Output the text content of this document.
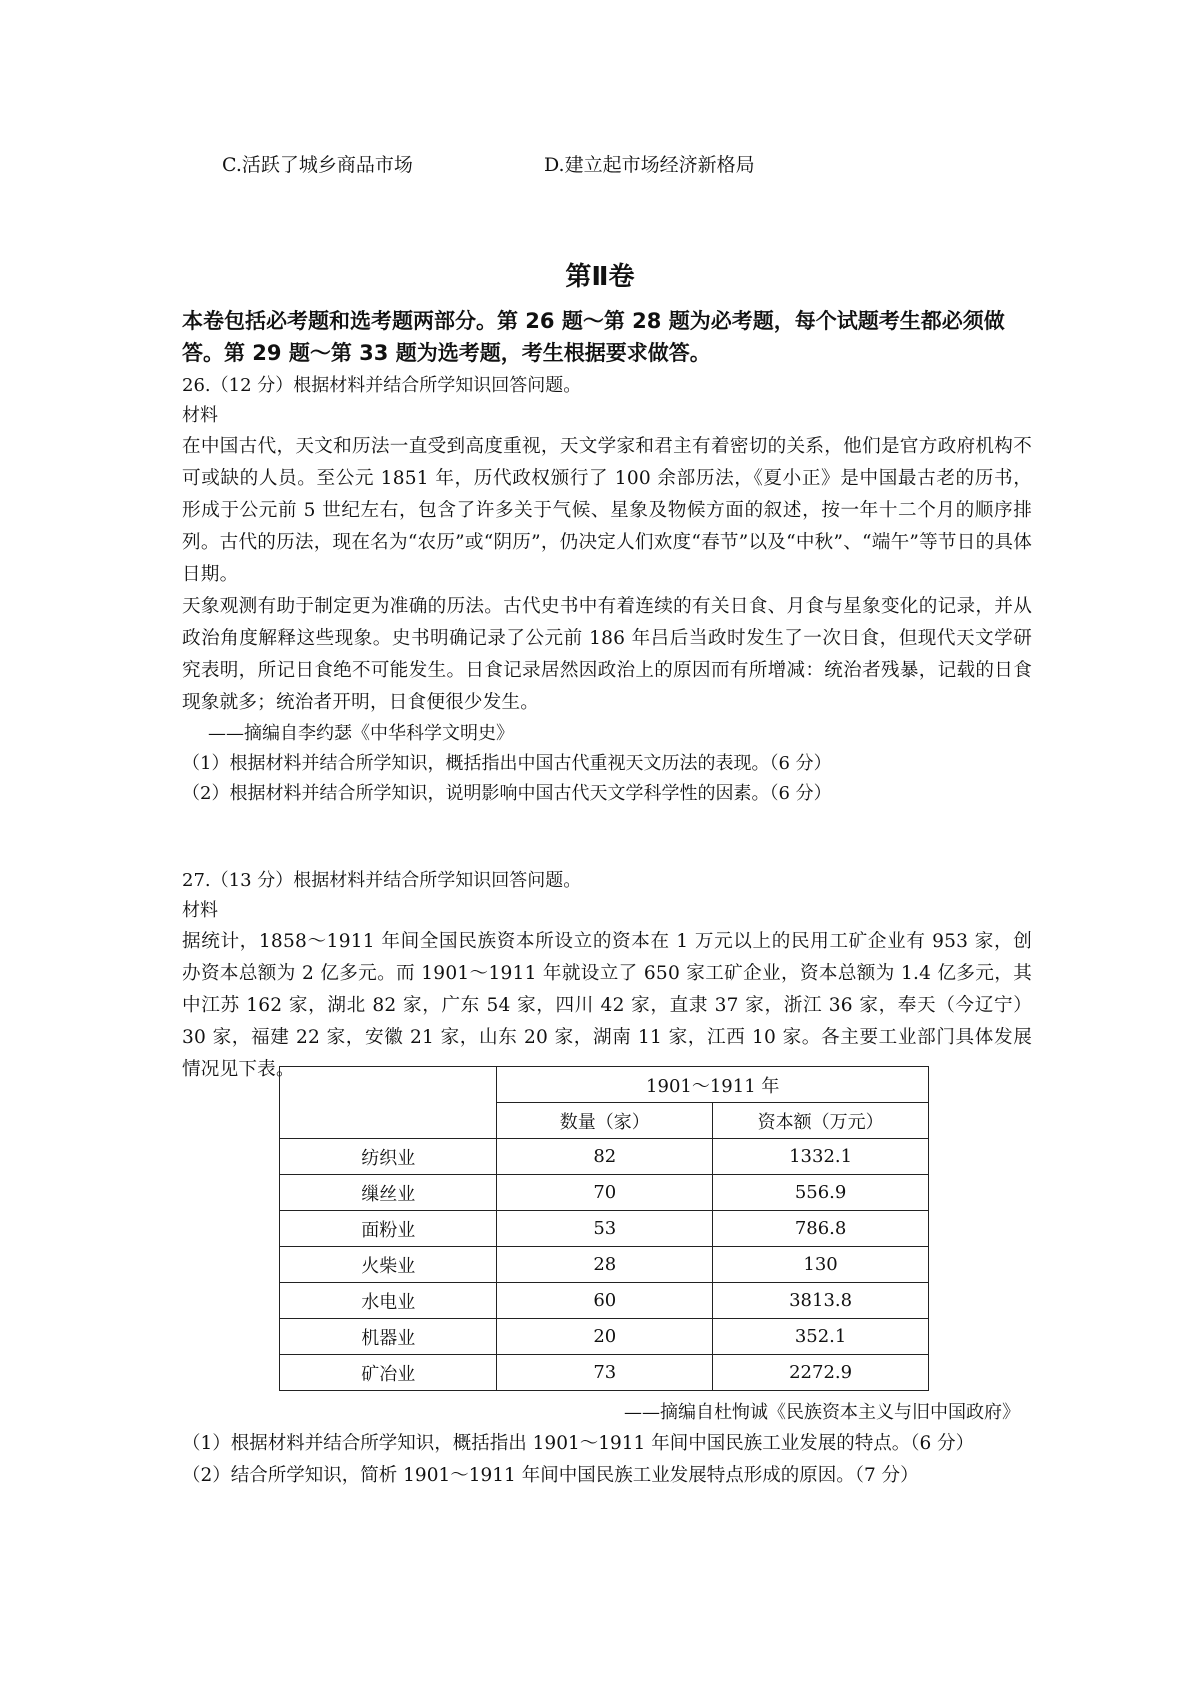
C.活跃了城乡商品市场	D.建立起市场经济新格局
第Ⅱ卷
本卷包括必考题和选考题两部分。第 26 题～第 28 题为必考题，每个试题考生都必须做答。第 29 题～第 33 题为选考题，考生根据要求做答。

26.（12 分）根据材料并结合所学知识回答问题。

材料

在中国古代，天文和历法一直受到高度重视，天文学家和君主有着密切的关系，他们是官方政府机构不可或缺的人员。至公元 1851 年，历代政权颁行了 100 余部历法，《夏小正》是中国最古老的历书，形成于公元前 5 世纪左右，包含了许多关于气候、星象及物候方面的叙述，按一年十二个月的顺序排列。古代的历法，现在名为“农历”或“阴历”，仍决定人们欢度“春节”以及“中秋”、“端午”等节日的具体日期。

天象观测有助于制定更为准确的历法。古代史书中有着连续的有关日食、月食与星象变化的记录，并从政治角度解释这些现象。史书明确记录了公元前 186 年吕后当政时发生了一次日食，但现代天文学研究表明，所记日食绝不可能发生。日食记录居然因政治上的原因而有所增减：统治者残暴，记载的日食现象就多；统治者开明，日食便很少发生。

——摘编自李约瑟《中华科学文明史》

（1）根据材料并结合所学知识，概括指出中国古代重视天文历法的表现。（6 分）

（2）根据材料并结合所学知识，说明影响中国古代天文学科学性的因素。（6 分）

27.（13 分）根据材料并结合所学知识回答问题。

材料

据统计，1858～1911 年间全国民族资本所设立的资本在 1 万元以上的民用工矿企业有 953 家，创办资本总额为 2 亿多元。而 1901～1911 年就设立了 650 家工矿企业，资本总额为 1.4 亿多元，其中江苏 162 家，湖北 82 家，广东 54 家，四川 42 家，直隶 37 家，浙江 36 家，奉天（今辽宁）30 家，福建 22 家，安徽 21 家，山东 20 家，湖南 11 家，江西 10 家。各主要工业部门具体发展情况见下表。

	1901～1911 年	
	数量（家）	资本额（万元）
纺织业	82	1332.1
缫丝业	70	556.9
面粉业	53	786.8
火柴业	28	130
水电业	60	3813.8
机器业	20	352.1
矿冶业	73	2272.9
——摘编自杜恂诚《民族资本主义与旧中国政府》

（1）根据材料并结合所学知识，概括指出 1901～1911 年间中国民族工业发展的特点。（6 分）

（2）结合所学知识，简析 1901～1911 年间中国民族工业发展特点形成的原因。（7 分）
